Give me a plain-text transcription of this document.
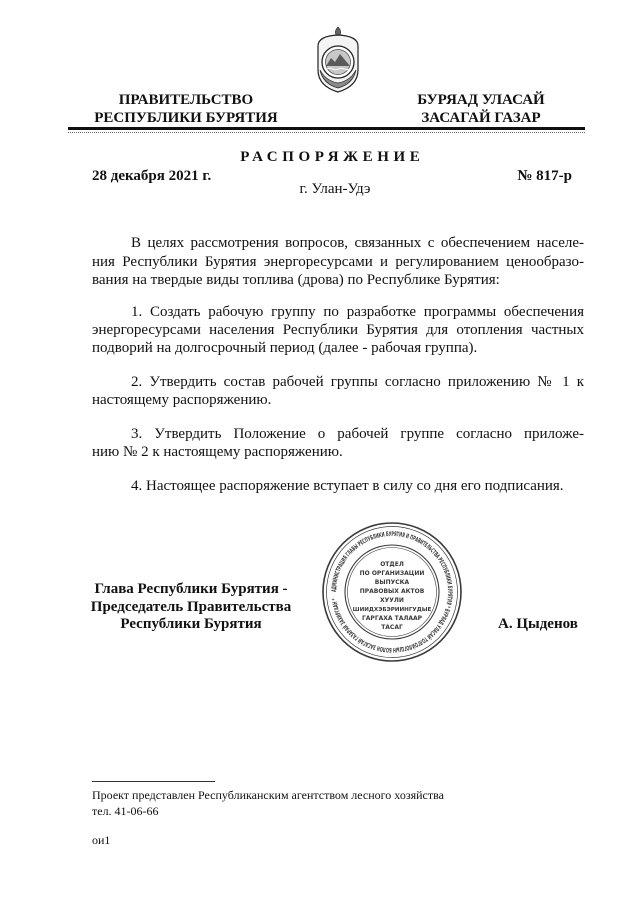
ПРАВИТЕЛЬСТВО
РЕСПУБЛИКИ БУРЯТИЯ
БУРЯАД УЛАСАЙ
ЗАСАГАЙ ГАЗАР
РАСПОРЯЖЕНИЕ
28 декабря 2021 г.	№ 817-р
г. Улан-Удэ
В целях рассмотрения вопросов, связанных с обеспечением населе-
ния Республики Бурятия энергоресурсами и регулированием ценообразо-
вания на твердые виды топлива (дрова) по Республике Бурятия:
1. Создать рабочую группу по разработке программы обеспечения
энергоресурсами населения Республики Бурятия для отопления частных
подворий на долгосрочный период (далее - рабочая группа).
2. Утвердить состав рабочей группы согласно приложению № 1 к
настоящему распоряжению.
3. Утвердить Положение о рабочей группе согласно приложе-
нию № 2 к настоящему распоряжению.
4. Настоящее распоряжение вступает в силу со дня его подписания.
Глава Республики Бурятия -
Председатель Правительства
Республики Бурятия	А. Цыденов
АДМИНИСТРАЦИЯ ГЛАВЫ РЕСПУБЛИКИ БУРЯТИЯ И ПРАВИТЕЛЬСТВА РЕСПУБЛИКИ БУРЯТИЯ * БУРЯАД УЛАСАЙ ТОЛГОЙЛОГШЫН БОЛОН ЗАСАГАЙ ГАЗАРАЙ ЗАХИРГААН *
ОТДЕЛ
ПО ОРГАНИЗАЦИИ
ВЫПУСКА
ПРАВОВЫХ АКТОВ
ХУУЛИ
ШИИДХЭБЭРИИНГУДЫЕ
ГАРГАХА ТАЛААР
ТАСАГ
Проект представлен Республиканским агентством лесного хозяйства
тел. 41-06-66
ои1
